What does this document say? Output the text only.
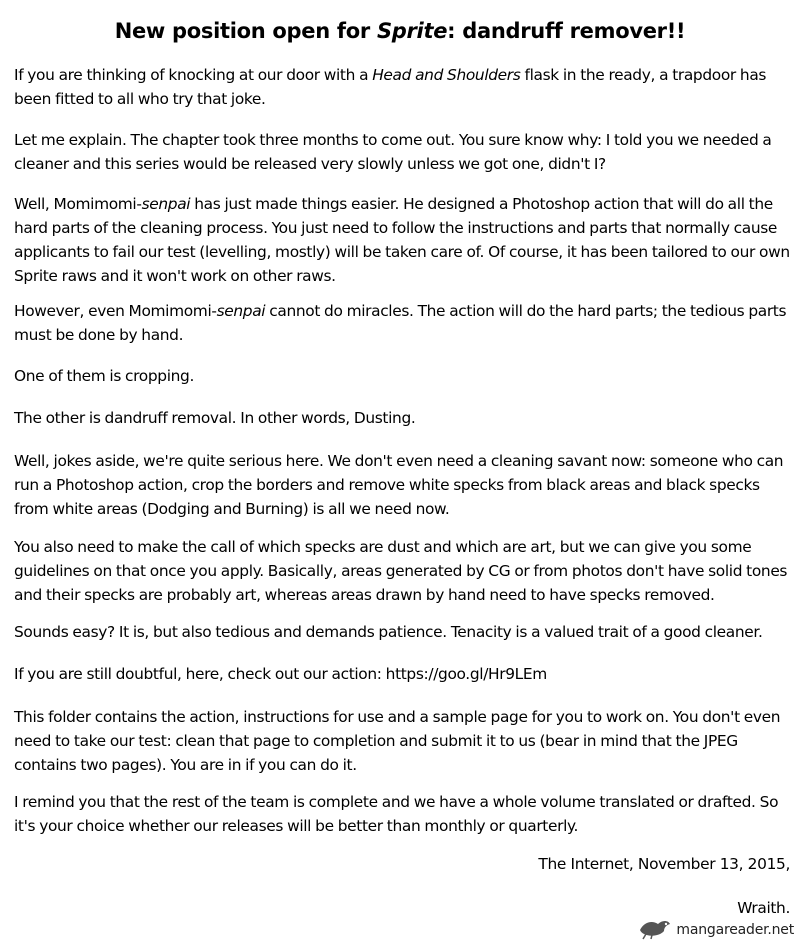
New position open for Sprite: dandruff remover!!

If you are thinking of knocking at our door with a Head and Shoulders flask in the ready, a trapdoor has been fitted to all who try that joke.

Let me explain. The chapter took three months to come out. You sure know why: I told you we needed a cleaner and this series would be released very slowly unless we got one, didn't I?

Well, Momimomi-senpai has just made things easier. He designed a Photoshop action that will do all the hard parts of the cleaning process. You just need to follow the instructions and parts that normally cause applicants to fail our test (levelling, mostly) will be taken care of. Of course, it has been tailored to our own Sprite raws and it won't work on other raws.

However, even Momimomi-senpai cannot do miracles. The action will do the hard parts; the tedious parts must be done by hand.

One of them is cropping.

The other is dandruff removal. In other words, Dusting.

Well, jokes aside, we're quite serious here. We don't even need a cleaning savant now: someone who can run a Photoshop action, crop the borders and remove white specks from black areas and black specks from white areas (Dodging and Burning) is all we need now.

You also need to make the call of which specks are dust and which are art, but we can give you some guidelines on that once you apply. Basically, areas generated by CG or from photos don't have solid tones and their specks are probably art, whereas areas drawn by hand need to have specks removed.

Sounds easy? It is, but also tedious and demands patience. Tenacity is a valued trait of a good cleaner.

If you are still doubtful, here, check out our action: https://goo.gl/Hr9LEm

This folder contains the action, instructions for use and a sample page for you to work on. You don't even need to take our test: clean that page to completion and submit it to us (bear in mind that the JPEG contains two pages). You are in if you can do it.

I remind you that the rest of the team is complete and we have a whole volume translated or drafted. So it's your choice whether our releases will be better than monthly or quarterly.

The Internet, November 13, 2015,
Wraith.
mangareader.net
